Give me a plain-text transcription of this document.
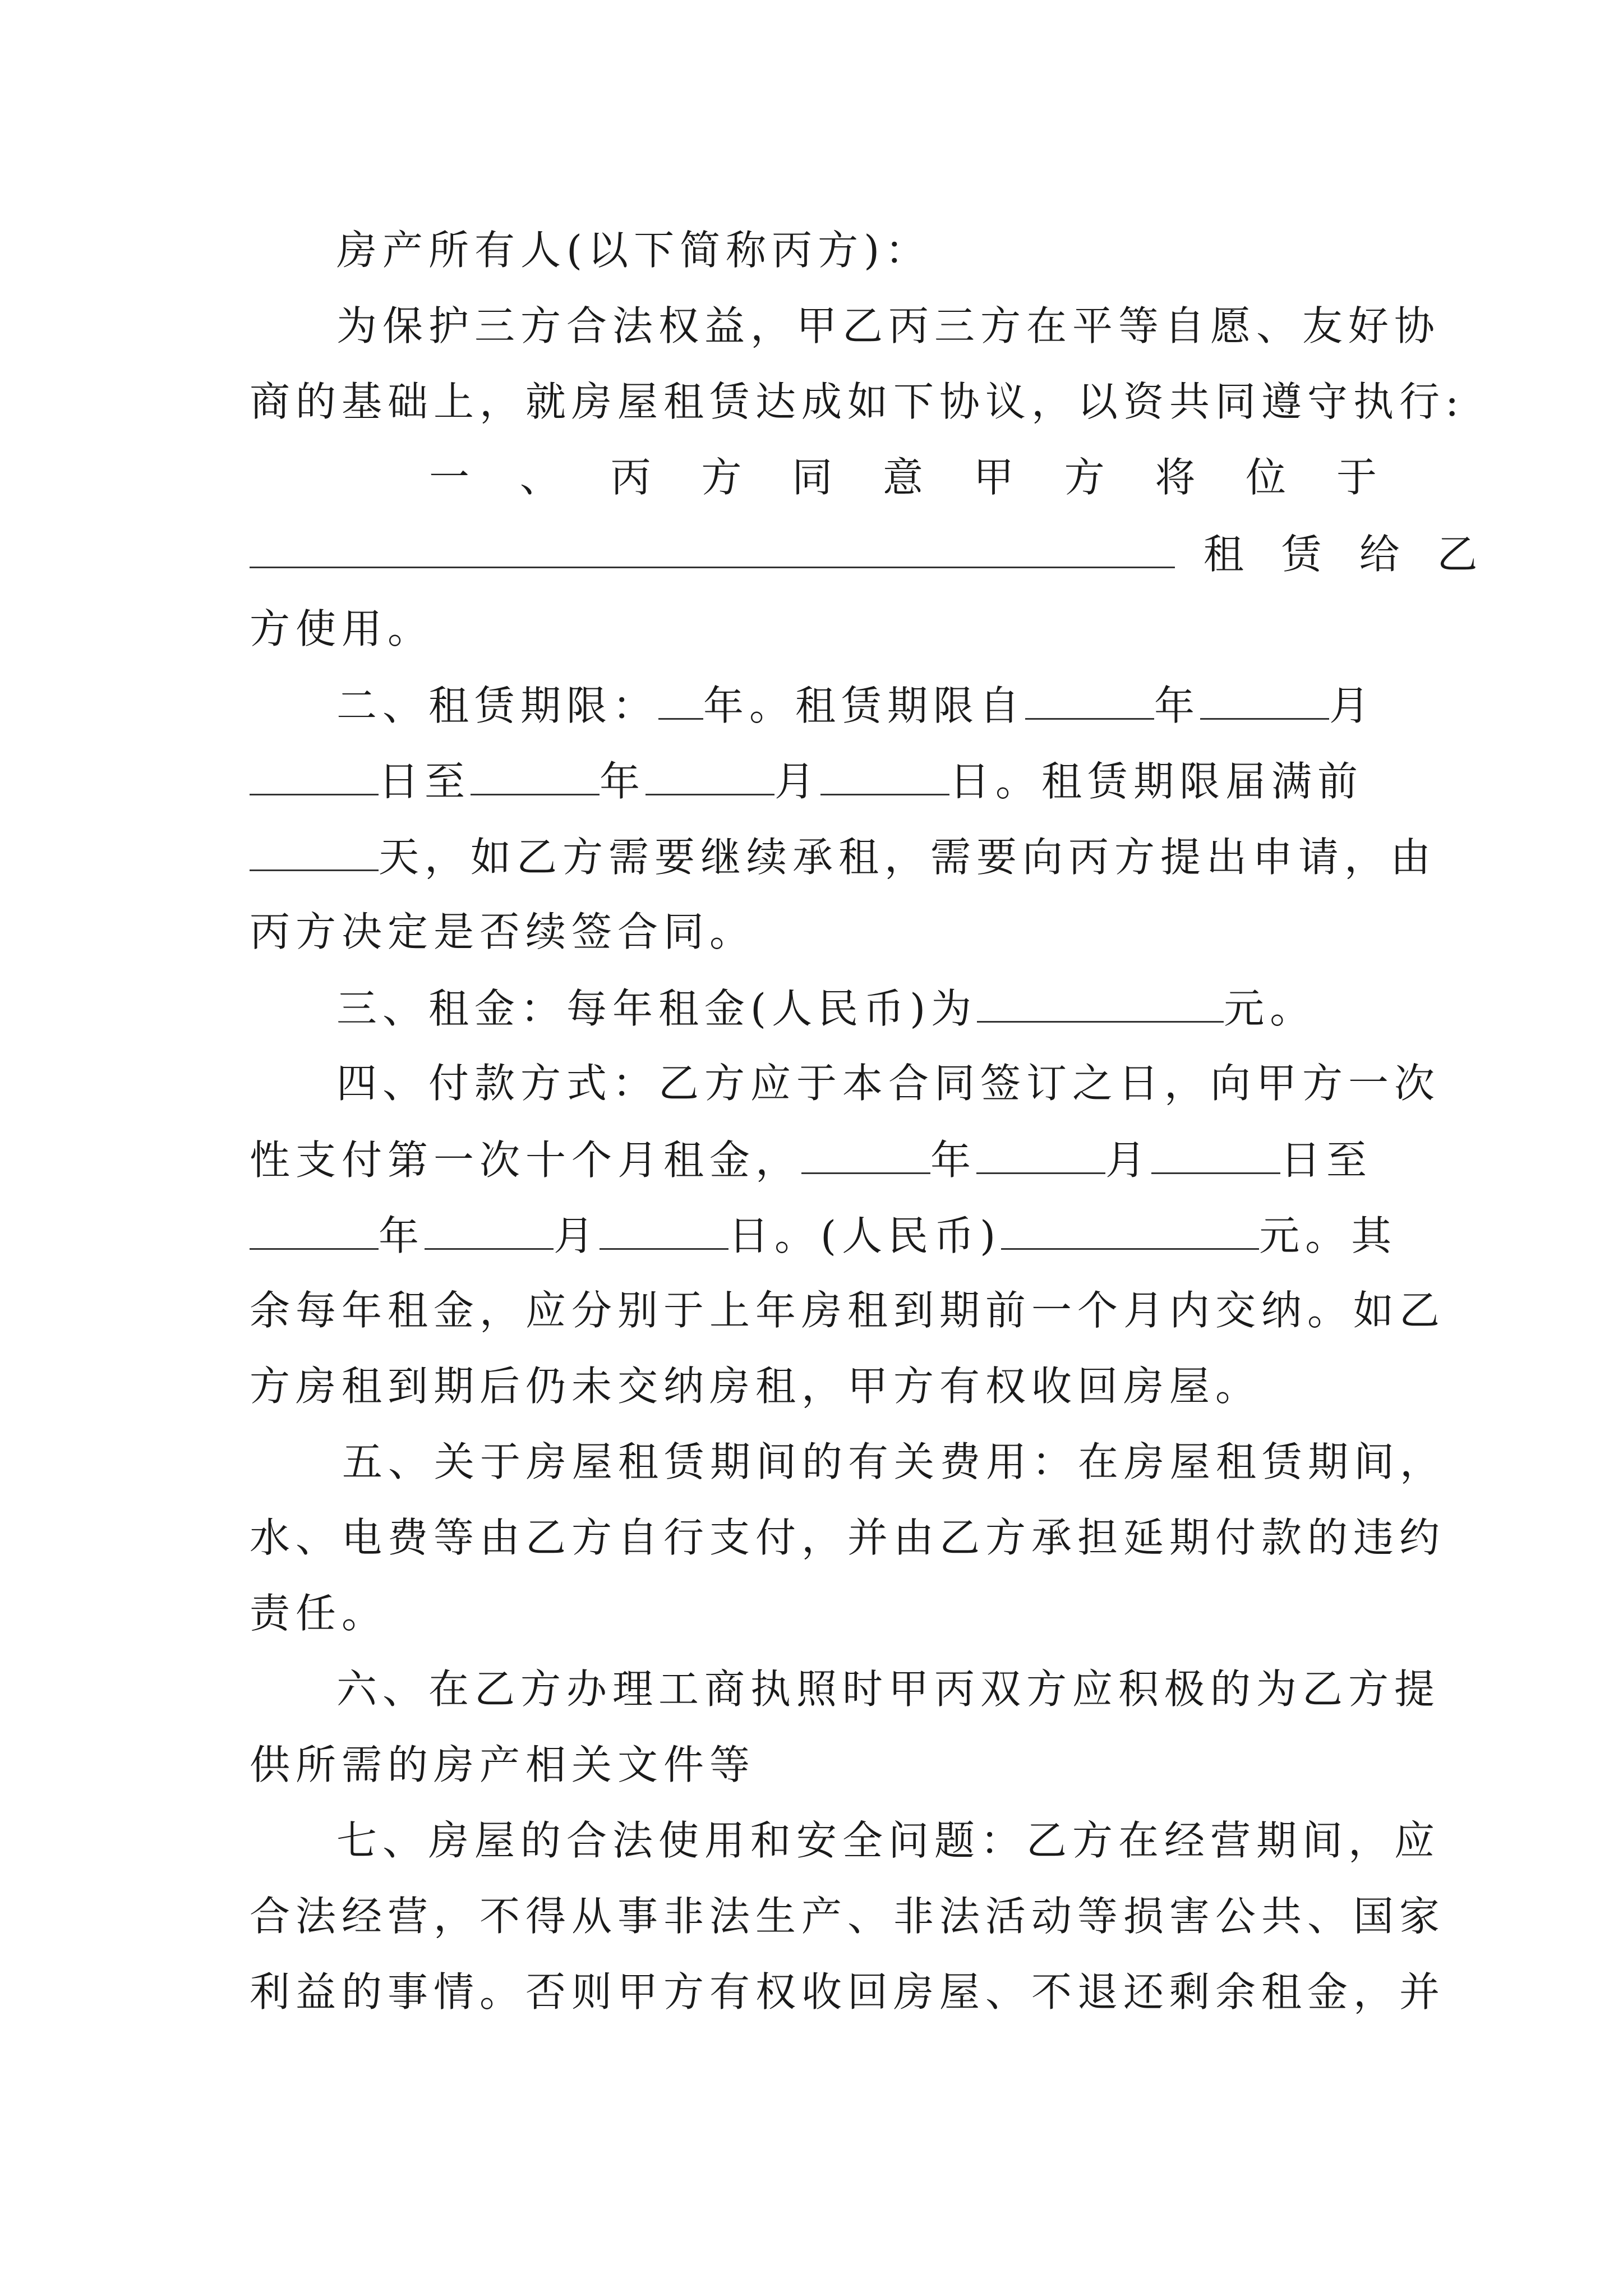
房产所有人(以下简称丙方)：
为保护三方合法权益，甲乙丙三方在平等自愿、友好协
商的基础上，就房屋租赁达成如下协议，以资共同遵守执行:
一 、 丙 方 同 意 甲 方 将 位 于
租 赁 给 乙
方使用。
二、租赁期限： 年。租赁期限自	年	月
日至	年	月	日。租赁期限届满前
天，如乙方需要继续承租，需要向丙方提出申请，由
丙方决定是否续签合同。
三、租金：每年租金(人民币)为	元。
四、付款方式：乙方应于本合同签订之日，向甲方一次
性支付第一次十个月租金，	年	月	日至
年	月	日。(人民币)	元。其
余每年租金，应分别于上年房租到期前一个月内交纳。如乙
方房租到期后仍未交纳房租，甲方有权收回房屋。
五、关于房屋租赁期间的有关费用：在房屋租赁期间，
水、电费等由乙方自行支付，并由乙方承担延期付款的违约
责任。
六、在乙方办理工商执照时甲丙双方应积极的为乙方提
供所需的房产相关文件等
七、房屋的合法使用和安全问题：乙方在经营期间，应
合法经营，不得从事非法生产、非法活动等损害公共、国家
利益的事情。否则甲方有权收回房屋、不退还剩余租金，并
